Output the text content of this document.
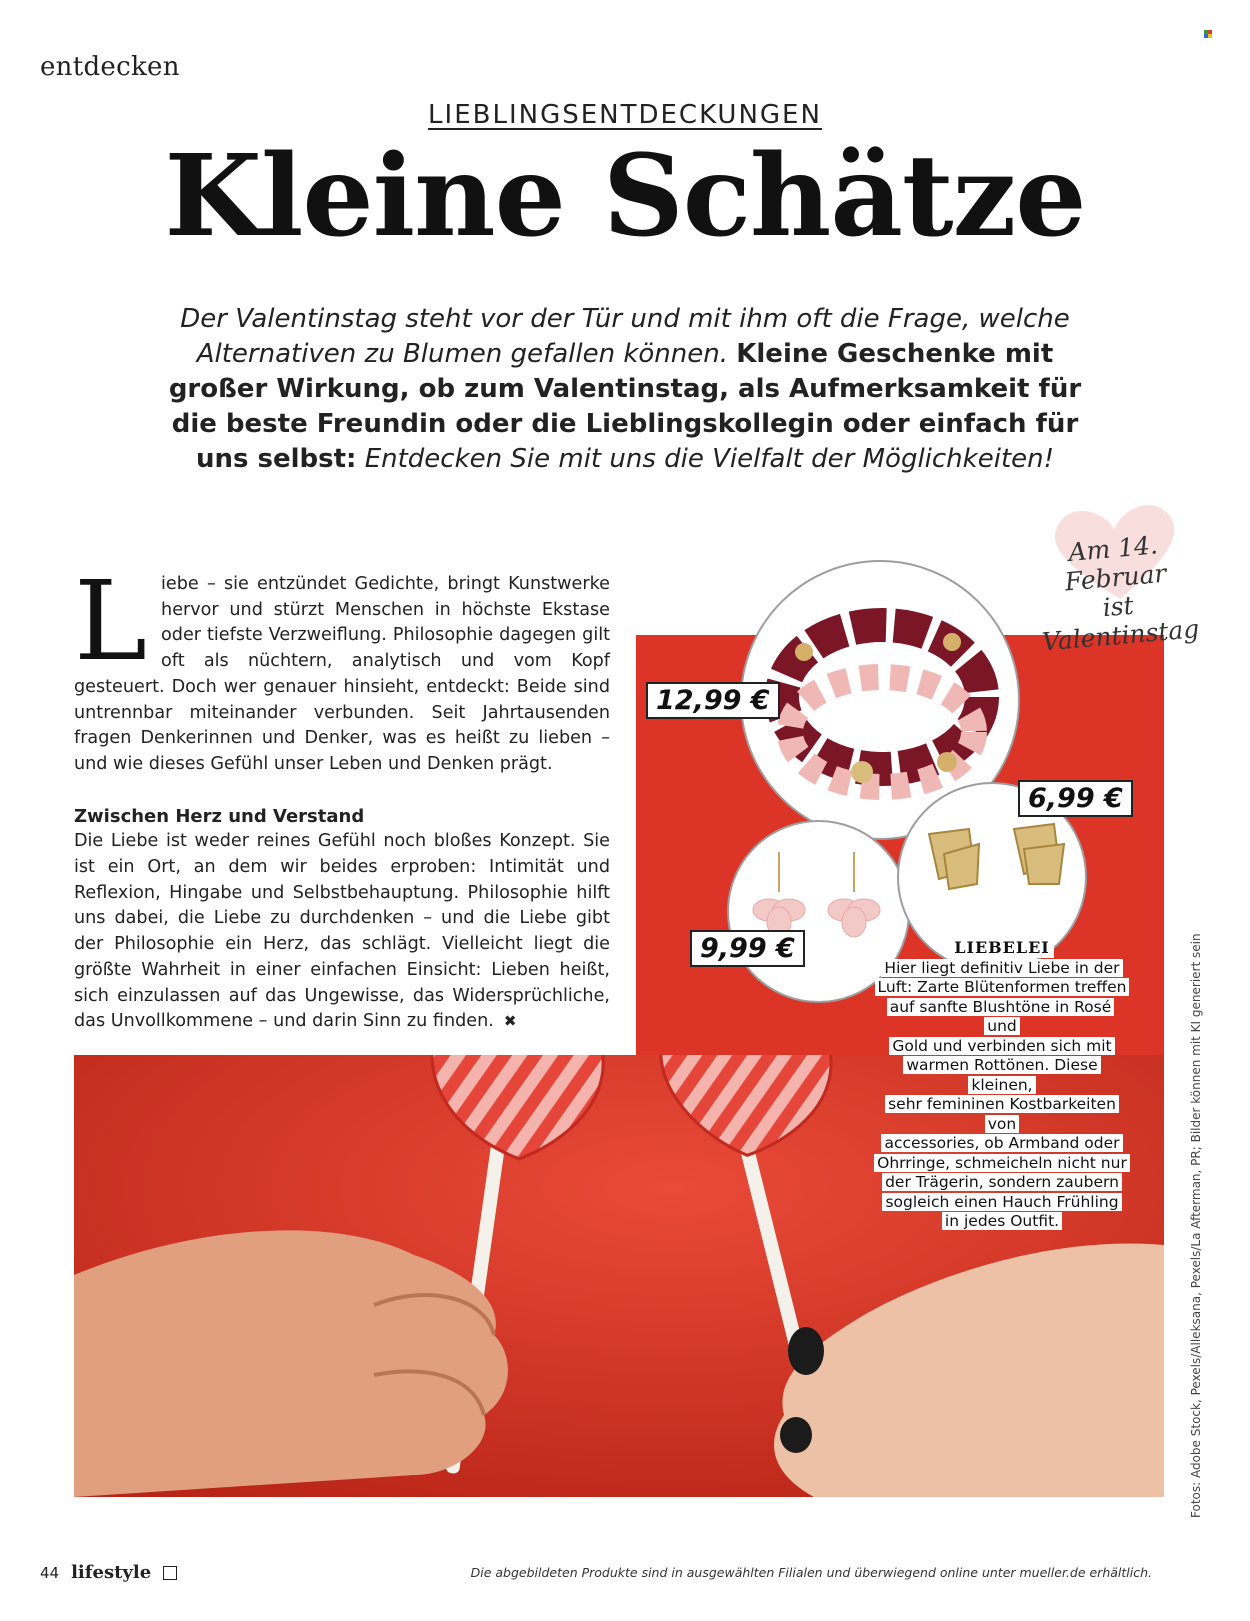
entdecken
LIEBLINGSENTDECKUNGEN
Kleine Schätze

Der Valentinstag steht vor der Tür und mit ihm oft die Frage, welche Alternativen zu Blumen gefallen können. Kleine Geschenke mit großer Wirkung, ob zum Valentinstag, als Aufmerksamkeit für die beste Freundin oder die Lieblingskollegin oder einfach für uns selbst: Entdecken Sie mit uns die Vielfalt der Möglichkeiten!

Liebe – sie entzündet Gedichte, bringt Kunstwerke hervor und stürzt Menschen in höchste Ekstase oder tiefste Verzweiflung. Philosophie dagegen gilt oft als nüchtern, analytisch und vom Kopf gesteuert. Doch wer genauer hinsieht, entdeckt: Beide sind untrennbar miteinander verbunden. Seit Jahrtausenden fragen Denkerinnen und Denker, was es heißt zu lieben – und wie dieses Gefühl unser Leben und Denken prägt.

Zwischen Herz und Verstand

Die Liebe ist weder reines Gefühl noch bloßes Konzept. Sie ist ein Ort, an dem wir beides erproben: Intimität und Reflexion, Hingabe und Selbstbehauptung. Philosophie hilft uns dabei, die Liebe zu durchdenken – und die Liebe gibt der Philosophie ein Herz, das schlägt. Vielleicht liegt die größte Wahrheit in einer einfachen Einsicht: Lieben heißt, sich einzulassen auf das Ungewisse, das Widersprüchliche, das Unvollkommene – und darin Sinn zu finden. ✖

12,99 €
6,99 €
9,99 €
Am 14. Februar
ist Valentinstag
LIEBELEI
Hier liegt definitiv Liebe in der
Luft: Zarte Blütenformen treffen
auf sanfte Blushtöne in Rosé und
Gold und verbinden sich mit
warmen Rottönen. Diese kleinen,
sehr femininen Kostbarkeiten von
accessories, ob Armband oder
Ohrringe, schmeicheln nicht nur
der Trägerin, sondern zaubern
sogleich einen Hauch Frühling
in jedes Outfit.	Fotos: Adobe Stock, Pexels/Alleksana, Pexels/La Afterman, PR; Bilder können mit KI generiert sein
44 lifestyle	Die abgebildeten Produkte sind in ausgewählten Filialen und überwiegend online unter mueller.de erhältlich.
